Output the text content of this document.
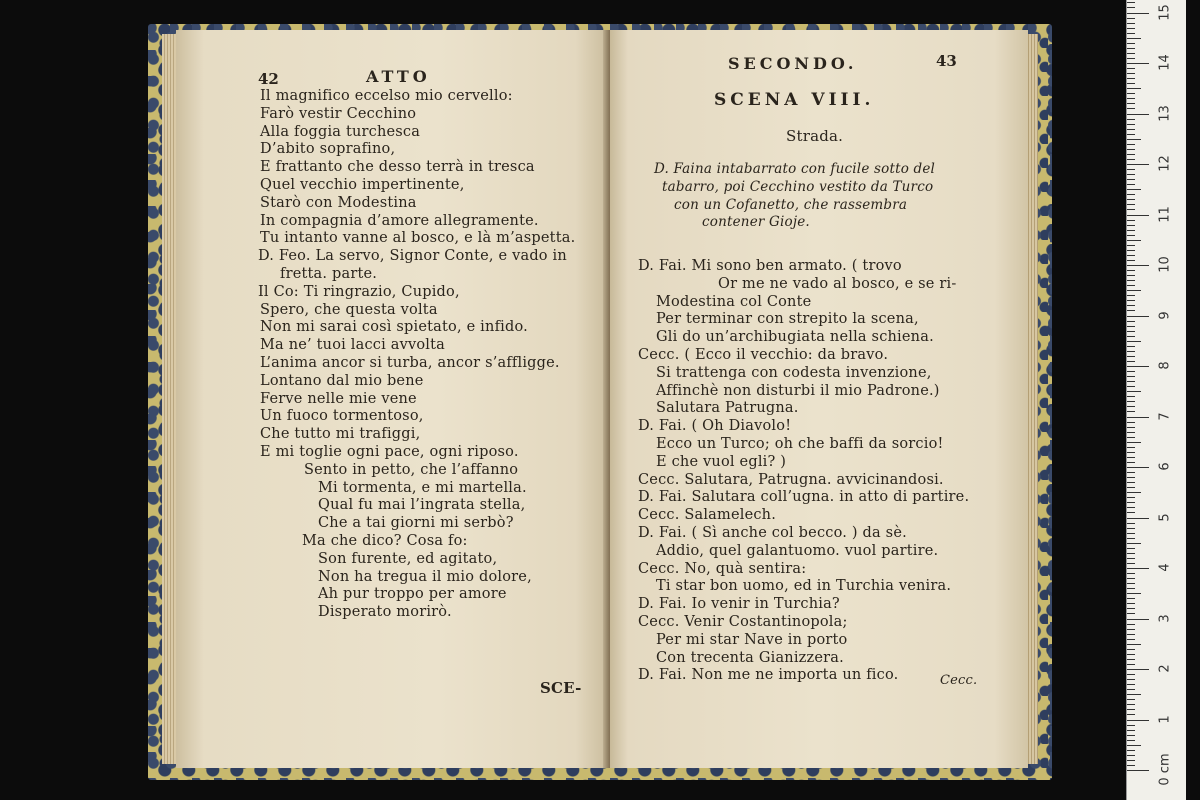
42	ATTO
Il magnifico eccelso mio cervello:
Farò vestir Cecchino
Alla foggia turchesca
D’abito soprafino,
E frattanto che desso terrà in tresca
Quel vecchio impertinente,
Starò con Modestina
In compagnia d’amore allegramente.
Tu intanto vanne al bosco, e là m’aspetta.
D. Feo. La servo, Signor Conte, e vado in
fretta. parte.
Il Co: Ti ringrazio, Cupido,
Spero, che questa volta
Non mi sarai così spietato, e infido.
Ma ne’ tuoi lacci avvolta
L’anima ancor si turba, ancor s’affligge.
Lontano dal mio bene
Ferve nelle mie vene
Un fuoco tormentoso,
Che tutto mi trafiggi,
E mi toglie ogni pace, ogni riposo.
Sento in petto, che l’affanno
Mi tormenta, e mi martella.
Qual fu mai l’ingrata stella,
Che a tai giorni mi serbò?
Ma che dico? Cosa fo:
Son furente, ed agitato,
Non ha tregua il mio dolore,
Ah pur troppo per amore
Disperato morirò.
SCE-
SECONDO.	43
SCENA VIII.
Strada.
D. Faina intabarrato con fucile sotto del
tabarro, poi Cecchino vestito da Turco
con un Cofanetto, che rassembra
contener Gioje.
D. Fai. Mi sono ben armato. ( trovo
Or me ne vado al bosco, e se ri-
Modestina col Conte
Per terminar con strepito la scena,
Gli do un’archibugiata nella schiena.
Cecc. ( Ecco il vecchio: da bravo.
Si trattenga con codesta invenzione,
Affinchè non disturbi il mio Padrone.)
Salutara Patrugna.
D. Fai. ( Oh Diavolo!
Ecco un Turco; oh che baffi da sorcio!
E che vuol egli? )
Cecc. Salutara, Patrugna. avvicinandosi.
D. Fai. Salutara coll’ugna. in atto di partire.
Cecc. Salamelech.
D. Fai. ( Sì anche col becco. ) da sè.
Addio, quel galantuomo. vuol partire.
Cecc. No, quà sentira:
Ti star bon uomo, ed in Turchia venira.
D. Fai. Io venir in Turchia?
Cecc. Venir Costantinopola;
Per mi star Nave in porto
Con trecenta Gianizzera.
D. Fai. Non me ne importa un fico.	Cecc.
0 cm
1
2
3
4
5
6
7
8
9
10
11
12
13
14
15
